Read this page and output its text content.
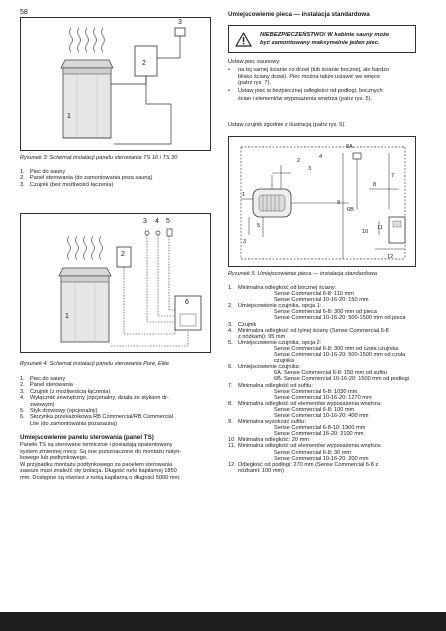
58
2
3
1
Rysunek 3: Schemat instalacji panelu sterowania TS 16 i TS 30
1. Piec do sauny
2. Panel sterowania (do zamontowania poza sauną)
3. Czujnik (bez możliwości łączenia)
2
3 4 5
6
1
Rysunek 4: Schemat instalacji panelu sterowania Pure, Elite
1. Piec do sauny
2. Panel sterowania
3. Czujnik (z możliwością łączenia)
4. Wyłącznik zewnętrzny (opcjonalny, działa ze stykiem dr-
zwiowym)
5. Styk drzwiowy (opcjonalny)
6. Skrzynka przekaźnikowa RB Commercial/RB Commercial
Lite (do zamontowania pozasauną)
Umiejscowienie panelu sterowania (panel TS)
Panele TS są sterowane termicznie i posiadają opatentowany
system zmiennej mocy. Są one przeznaczone do montażu natyn-
kowego lub podtynkowego.
W przypadku montażu podtynkowego za panelem sterowania
zawsze musi znaleźć się izolacja. Długość rurki kapilarnej 1850
mm. Dostępne są również z rurką kapilarną o długości 5000 mm.
Umiejscowienie pieca — instalacja standardowa
NIEBEZPIECZEŃSTWO! W kabinie sauny może
być zamontowany maksymalnie jeden piec.
Ustaw piec saunowy:
• na tej samej ścianie co drzwi (lub ścianie bocznej, ale bardzo
blisko ściany drzwi). Piec można także ustawić we wnęce
(patrz rys. 7).
• Ustaw piec w bezpiecznej odległości od podłogi, bocznych
ścian i elementów wyposażenia wnętrza (patrz rys. 5).
Ustaw czujnik zgodnie z ilustracją (patrz rys. 5).
2
4
3
8A
7
8
1
9
6B
5
10
11
3
12
Rysunek 5. Umiejscowienie pieca — instalacja standardowa
1. Minimalna odległość od bocznej ściany:
Sense Commercial 6-8: 110 mm
Sense Commercial 10-16-20: 150 mm
2. Umiejscowienie czujnika, opcja 1:
Sense Commercial 6-8: 300 mm od pieca
Sense Commercial 10-16-20: 500-1500 mm od pieca
3. Czujnik
4. Minimalna odległość od tylnej ściany (Sense Commercial 6-8
z nóżkami): 95 mm
5. Umiejscowienie czujnika, opcja 2:
Sense Commercial 6-8: 300 mm od czoła czujnika
Sense Commercial 10-16-20: 500-1500 mm od czoła
czujnika
6. Umiejscowienie czujnika:
6A. Sense Commercial 6-8: 150 mm od sufitu
6B. Sense Commercial 10-16-20: 1500 mm od podłogi
7. Minimalna odległość od sufitu:
Sense Commercial 6-8: 1030 mm
Sense Commercial 10-16-20: 1270 mm
8. Minimalna odległość od elementów wyposażenia wnętrza:
Sense Commercial 6-8: 100 mm
Sense Commercial 10-16-20: 400 mm
9. Minimalna wysokość sufitu:
Sense Commercial 6-8-10: 1900 mm
Sense Commercial 16-20: 2100 mm
10. Minimalna odległość: 20 mm
11. Minimalna odległość od elementów wyposażenia wnętrza:
Sense Commercial 6-8: 30 mm
Sense Commercial 10-16-20: 200 mm
12. Odległość od podłogi: 270 mm (Sense Commercial 6-8 z
nóżkami: 100 mm)
